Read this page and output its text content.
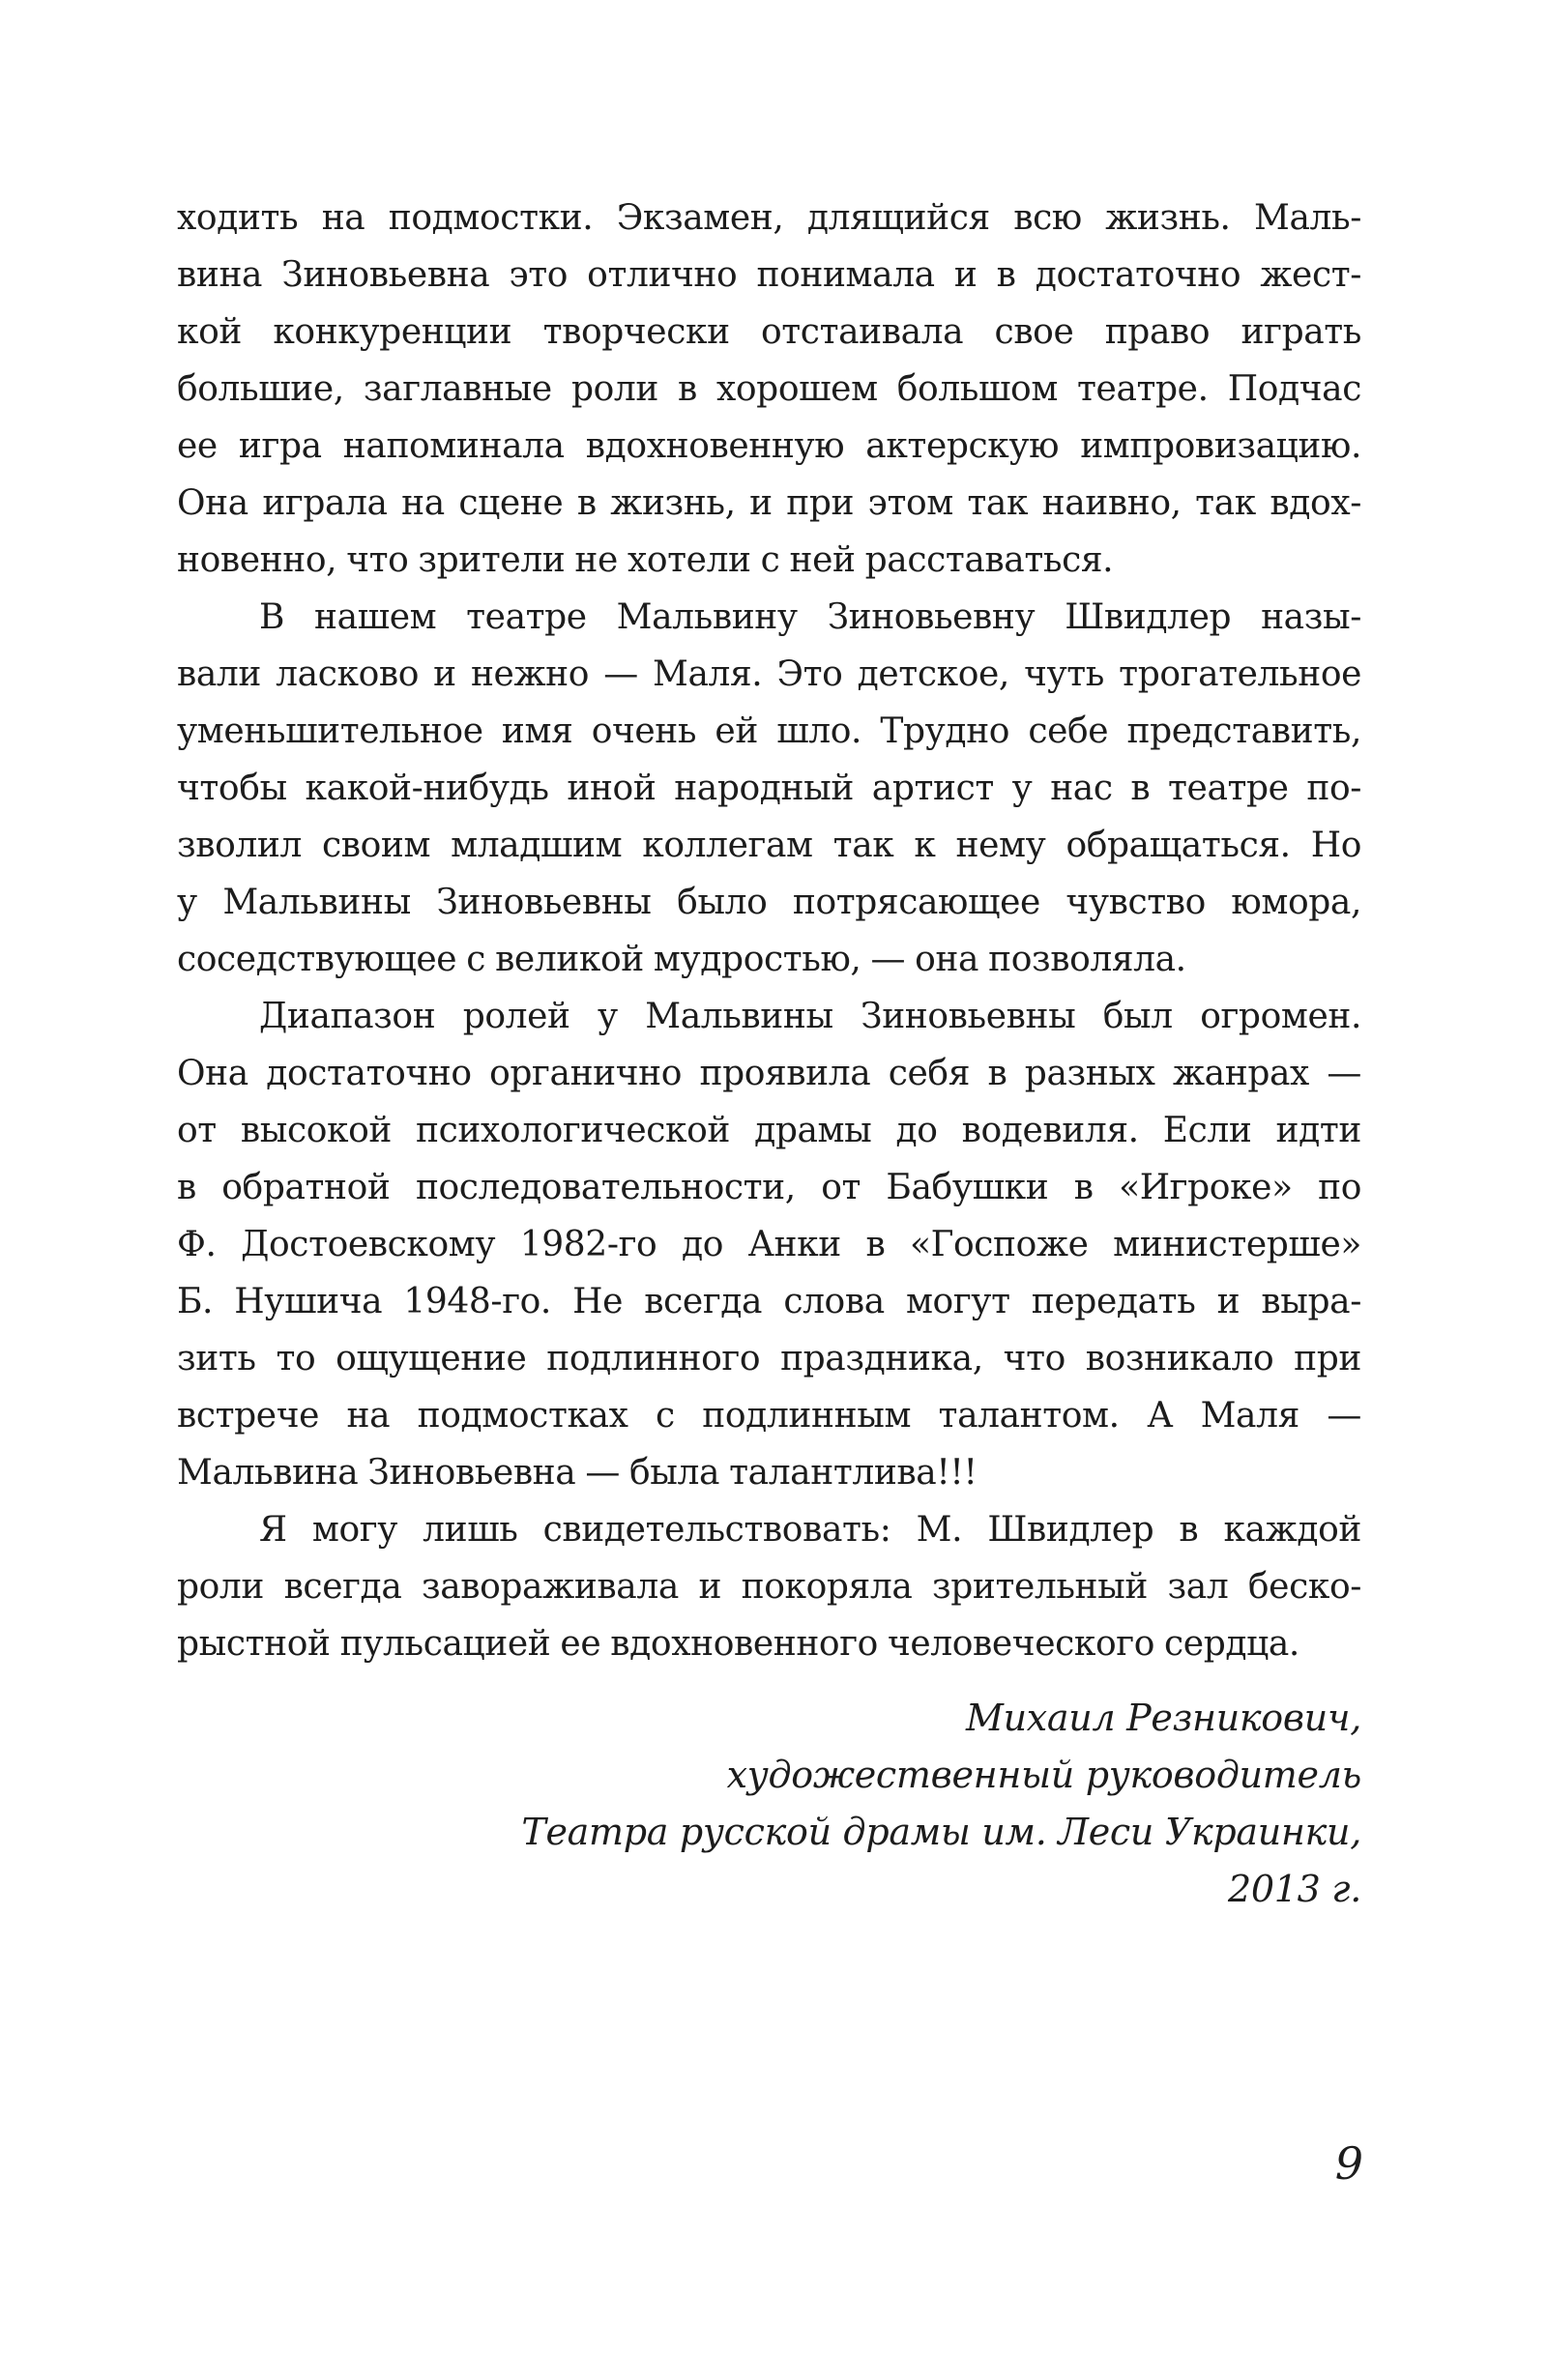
ходить на подмостки. Экзамен, длящийся всю жизнь. Маль-
вина Зиновьевна это отлично понимала и в достаточно жест-
кой конкуренции творчески отстаивала свое право играть
большие, заглавные роли в хорошем большом театре. Подчас
ее игра напоминала вдохновенную актерскую импровизацию.
Она играла на сцене в жизнь, и при этом так наивно, так вдох-
новенно, что зрители не хотели с ней расставаться.
В нашем театре Мальвину Зиновьевну Швидлер назы-
вали ласково и нежно — Маля. Это детское, чуть трогательное
уменьшительное имя очень ей шло. Трудно себе представить,
чтобы какой-нибудь иной народный артист у нас в театре по-
зволил своим младшим коллегам так к нему обращаться. Но
у Мальвины Зиновьевны было потрясающее чувство юмора,
соседствующее с великой мудростью, — она позволяла.
Диапазон ролей у Мальвины Зиновьевны был огромен.
Она достаточно органично проявила себя в разных жанрах —
от высокой психологической драмы до водевиля. Если идти
в обратной последовательности, от Бабушки в «Игроке» по
Ф. Достоевскому 1982-го до Анки в «Госпоже министерше»
Б. Нушича 1948-го. Не всегда слова могут передать и выра-
зить то ощущение подлинного праздника, что возникало при
встрече на подмостках с подлинным талантом. А Маля —
Мальвина Зиновьевна — была талантлива!!!
Я могу лишь свидетельствовать: М. Швидлер в каждой
роли всегда завораживала и покоряла зрительный зал беско-
рыстной пульсацией ее вдохновенного человеческого сердца.
Михаил Резникович,
художественный руководитель
Театра русской драмы им. Леси Украинки,
2013 г.
9
